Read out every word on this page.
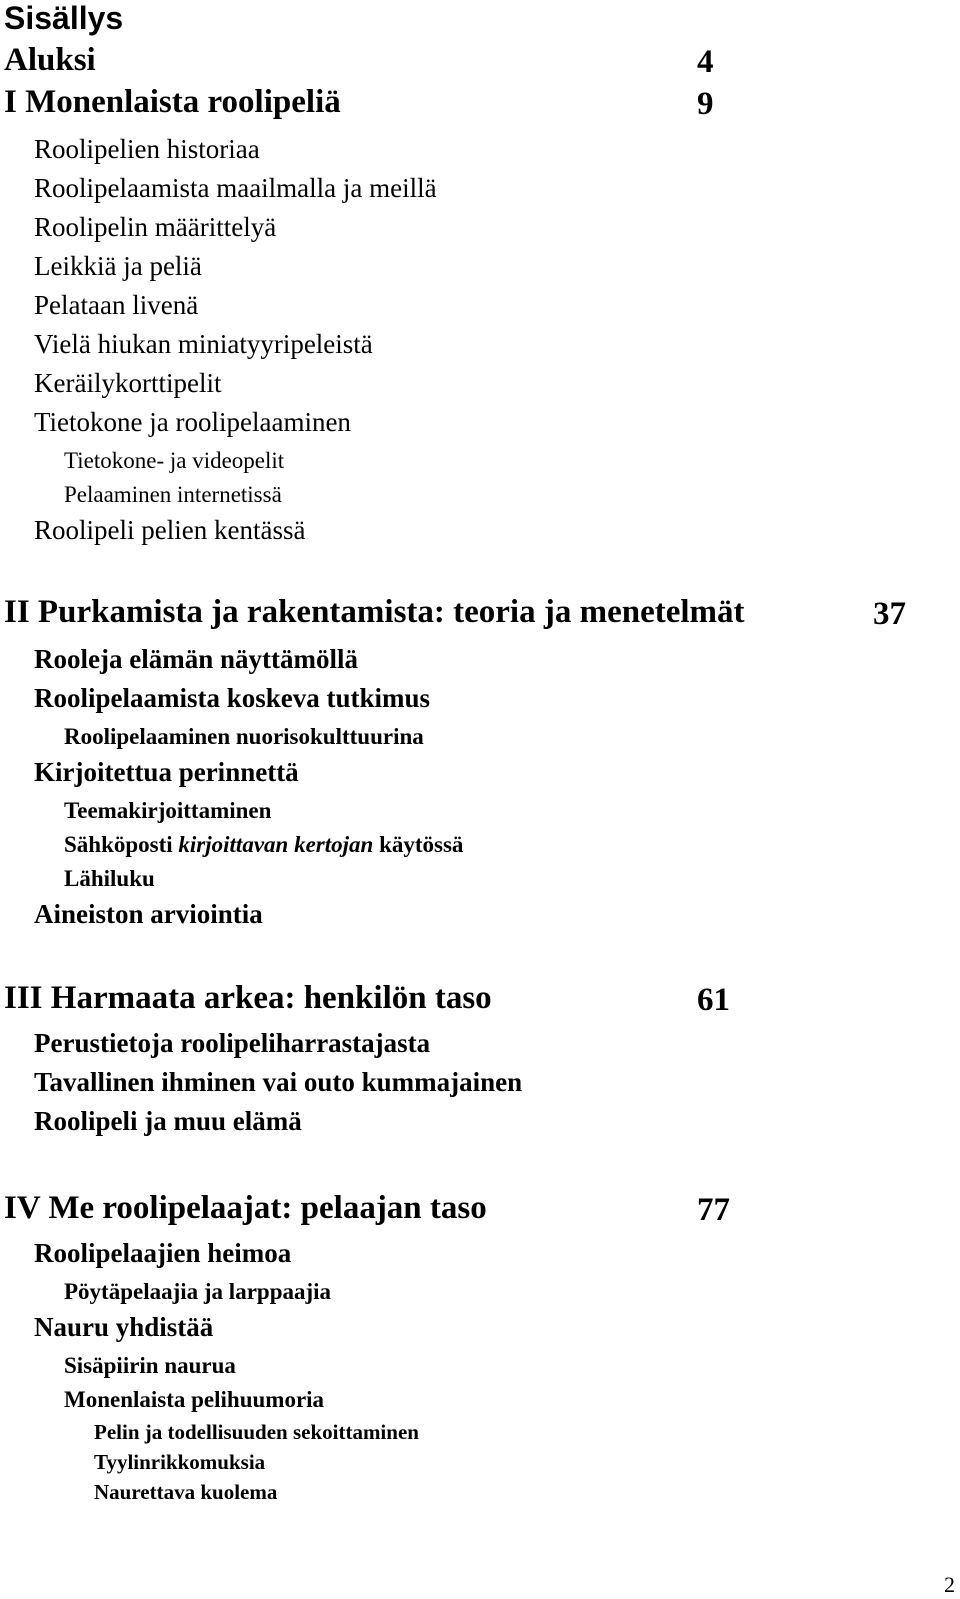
Sisällys
Aluksi	4
I Monenlaista roolipeliä	9
Roolipelien historiaa
Roolipelaamista maailmalla ja meillä
Roolipelin määrittelyä
Leikkiä ja peliä
Pelataan livenä
Vielä hiukan miniatyyripeleistä
Keräilykorttipelit
Tietokone ja roolipelaaminen
Tietokone- ja videopelit
Pelaaminen internetissä
Roolipeli pelien kentässä
II Purkamista ja rakentamista: teoria ja menetelmät	37
Rooleja elämän näyttämöllä
Roolipelaamista koskeva tutkimus
Roolipelaaminen nuorisokulttuurina
Kirjoitettua perinnettä
Teemakirjoittaminen
Sähköposti kirjoittavan kertojan käytössä
Lähiluku
Aineiston arviointia
III Harmaata arkea: henkilön taso	61
Perustietoja roolipeliharrastajasta
Tavallinen ihminen vai outo kummajainen
Roolipeli ja muu elämä
IV Me roolipelaajat: pelaajan taso	77
Roolipelaajien heimoa
Pöytäpelaajia ja larppaajia
Nauru yhdistää
Sisäpiirin naurua
Monenlaista pelihuumoria
Pelin ja todellisuuden sekoittaminen
Tyylinrikkomuksia
Naurettava kuolema
2
